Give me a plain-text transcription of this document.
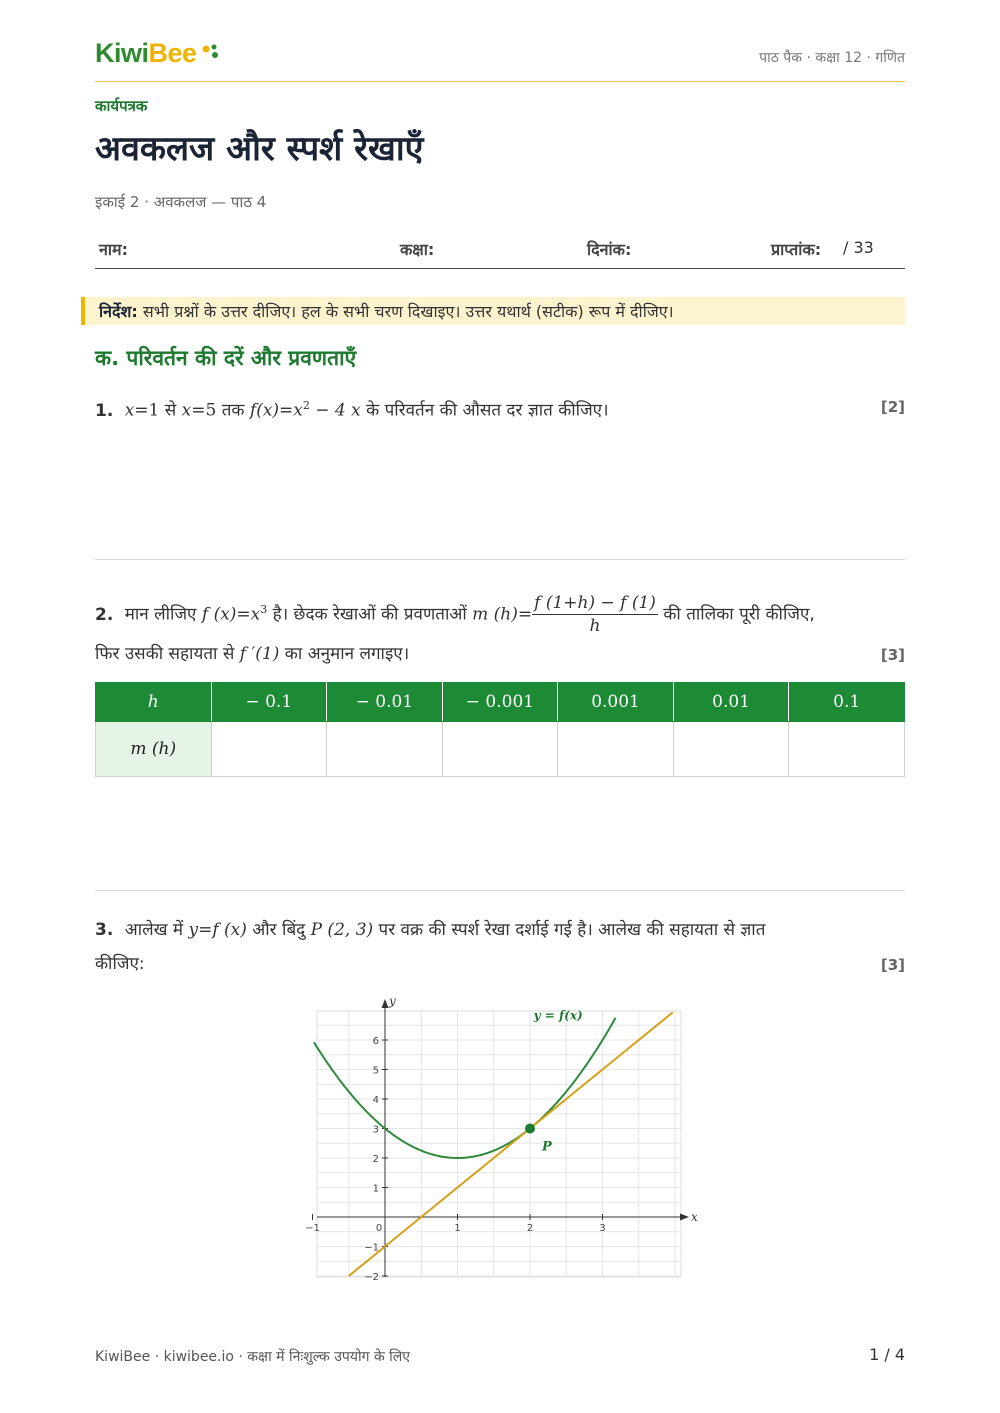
KiwiBee	पाठ पैक · कक्षा 12 · गणित
कार्यपत्रक
अवकलज और स्पर्श रेखाएँ
इकाई 2 · अवकलज — पाठ 4
नाम:	कक्षा:	दिनांक:	प्राप्तांक: / 33
निर्देश: सभी प्रश्नों के उत्तर दीजिए। हल के सभी चरण दिखाइए। उत्तर यथार्थ (सटीक) रूप में दीजिए।
क. परिवर्तन की दरें और प्रवणताएँ
1. x=1 से x=5 तक $f(x)=x^2 - 4$ x के परिवर्तन की औसत दर ज्ञात कीजिए।	[2]
2. मान लीजिए f $(x)=x^3$ है। छेदक रेखाओं की प्रवणताओं m $(h)= \frac{f (1+h) - f (1)}{h}$ की तालिका पूरी कीजिए,
फिर उसकी सहायता से f ′(1) का अनुमान लगाइए।	[3]
h	− 0.1	− 0.01	− 0.001	0.001	0.01	0.1
m (h)						
3. आलेख में y=f (x) और बिंदु P (2, 3) पर वक्र की स्पर्श रेखा दर्शाई गई है। आलेख की सहायता से ज्ञात
कीजिए:	[3]
x
y
−1	0	1	2	3
6
5
4
3
2
1
−1
−2
P
y = f(x)
KiwiBee · kiwibee.io · कक्षा में निःशुल्क उपयोग के लिए	1 / 4
